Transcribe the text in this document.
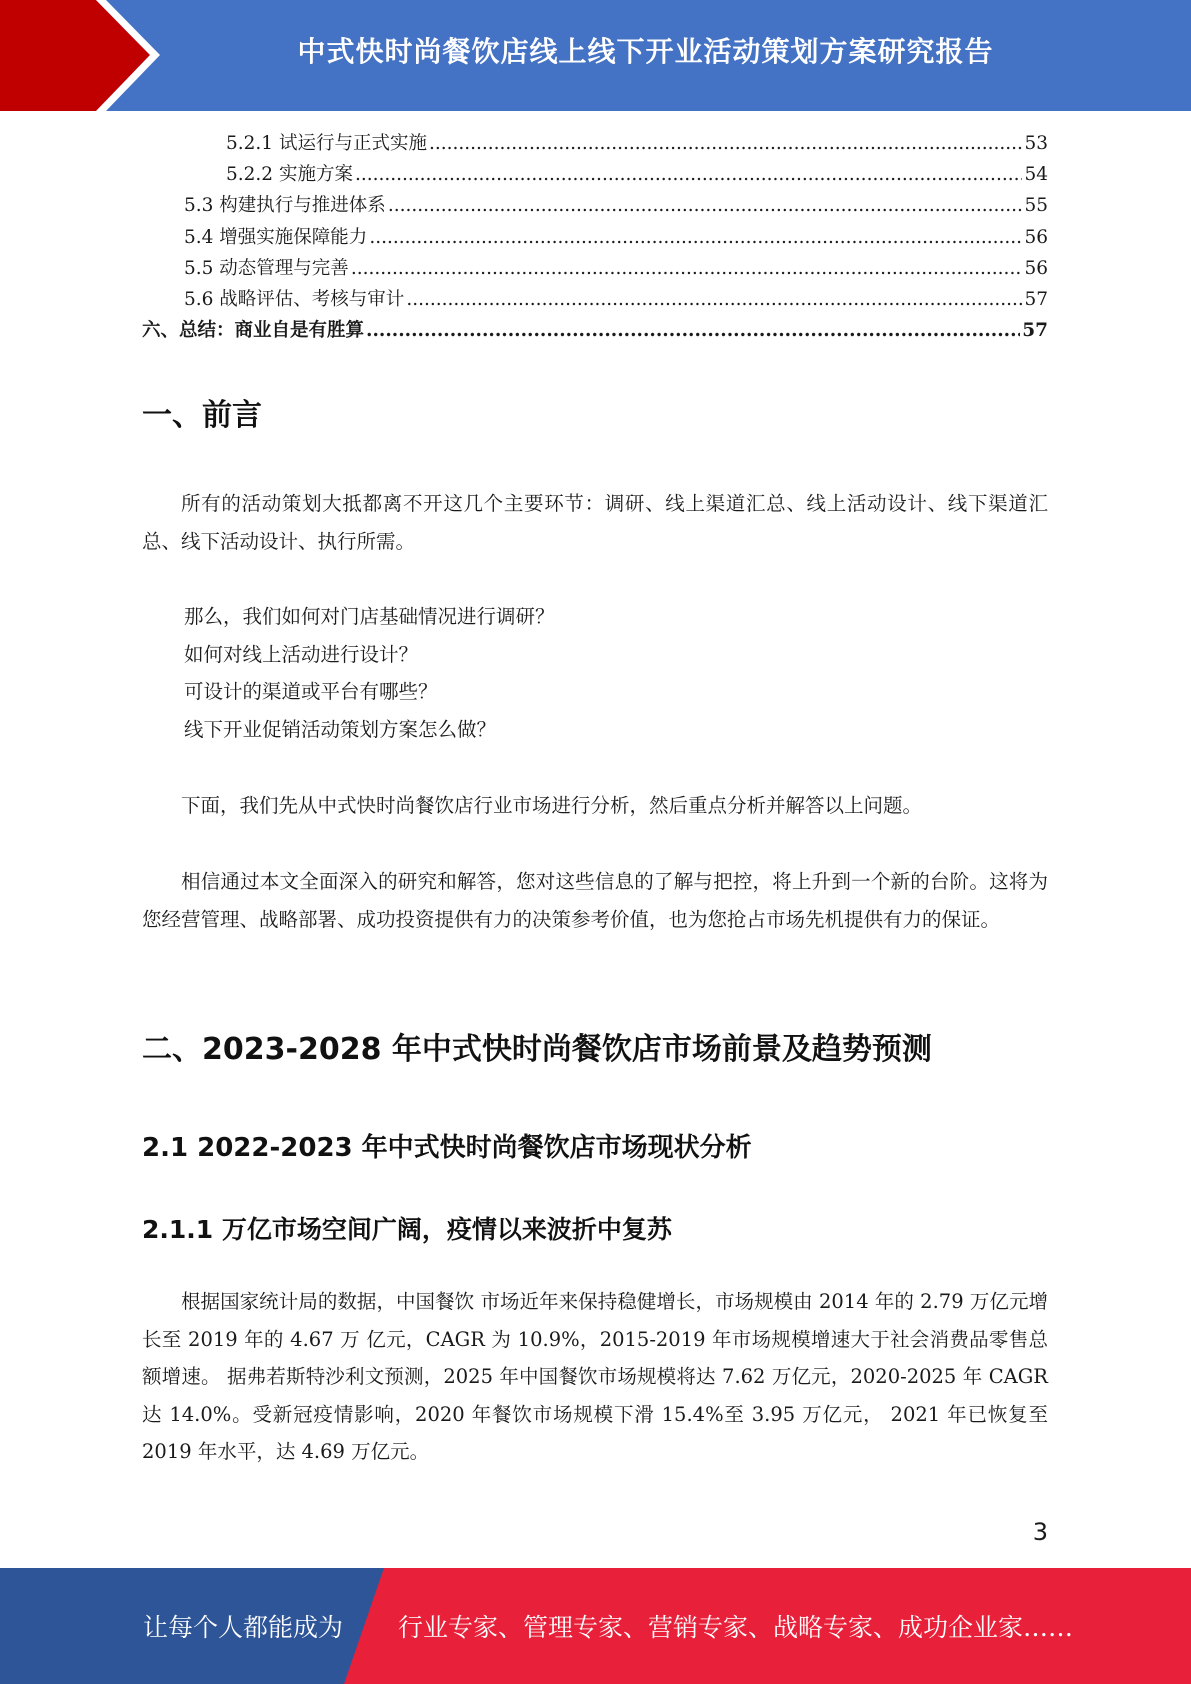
中式快时尚餐饮店线上线下开业活动策划方案研究报告
5.2.1 试运行与正式实施 .....	53
5.2.2 实施方案 .....	54
5.3 构建执行与推进体系 .....	55
5.4 增强实施保障能力 .....	56
5.5 动态管理与完善 .....	56
5.6 战略评估、考核与审计 .....	57
六、总结：商业自是有胜算 .....	57
一、前言

所有的活动策划大抵都离不开这几个主要环节：调研、线上渠道汇总、线上活动设计、线下渠道汇总、线下活动设计、执行所需。

那么，我们如何对门店基础情况进行调研？
如何对线上活动进行设计？
可设计的渠道或平台有哪些？
线下开业促销活动策划方案怎么做？

下面，我们先从中式快时尚餐饮店行业市场进行分析，然后重点分析并解答以上问题。

相信通过本文全面深入的研究和解答，您对这些信息的了解与把控，将上升到一个新的台阶。这将为您经营管理、战略部署、成功投资提供有力的决策参考价值，也为您抢占市场先机提供有力的保证。

二、2023-2028 年中式快时尚餐饮店市场前景及趋势预测
2.1 2022-2023 年中式快时尚餐饮店市场现状分析
2.1.1 万亿市场空间广阔，疫情以来波折中复苏

根据国家统计局的数据，中国餐饮 市场近年来保持稳健增长，市场规模由 2014 年的 2.79 万亿元增长至 2019 年的 4.67 万 亿元，CAGR 为 10.9%，2015-2019 年市场规模增速大于社会消费品零售总额增速。 据弗若斯特沙利文预测，2025 年中国餐饮市场规模将达 7.62 万亿元，2020-2025 年 CAGR 达 14.0%。受新冠疫情影响，2020 年餐饮市场规模下滑 15.4%至 3.95 万亿元， 2021 年已恢复至 2019 年水平，达 4.69 万亿元。

3
让每个人都能成为 行业专家、管理专家、营销专家、战略专家、成功企业家……
